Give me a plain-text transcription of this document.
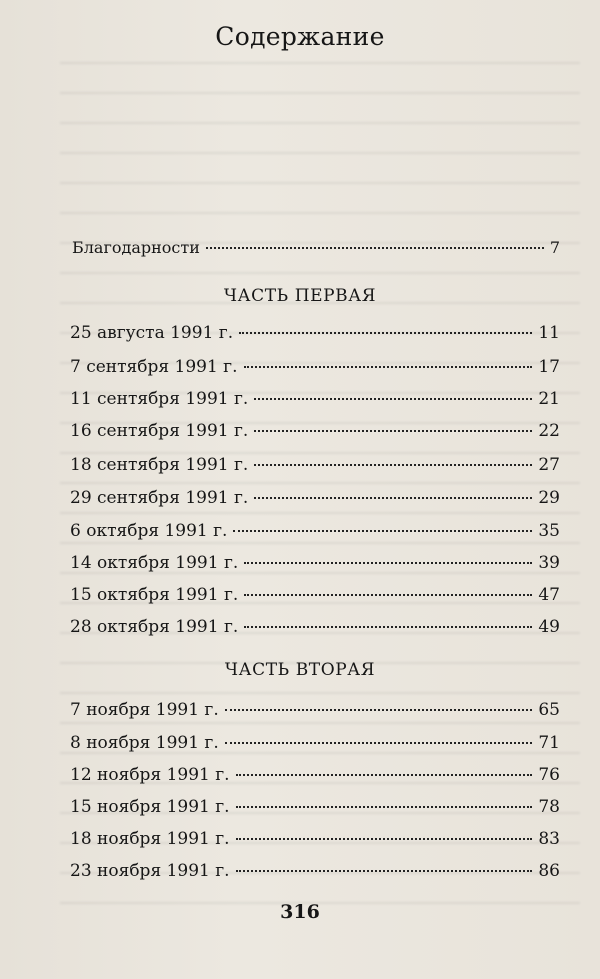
Содержание
Благодарности	7
ЧАСТЬ ПЕРВАЯ
25 августа 1991 г.	11
7 сентября 1991 г.	17
11 сентября 1991 г.	21
16 сентября 1991 г.	22
18 сентября 1991 г.	27
29 сентября 1991 г.	29
6 октября 1991 г.	35
14 октября 1991 г.	39
15 октября 1991 г.	47
28 октября 1991 г.	49
ЧАСТЬ ВТОРАЯ
7 ноября 1991 г.	65
8 ноября 1991 г.	71
12 ноября 1991 г.	76
15 ноября 1991 г.	78
18 ноября 1991 г.	83
23 ноября 1991 г.	86
316
